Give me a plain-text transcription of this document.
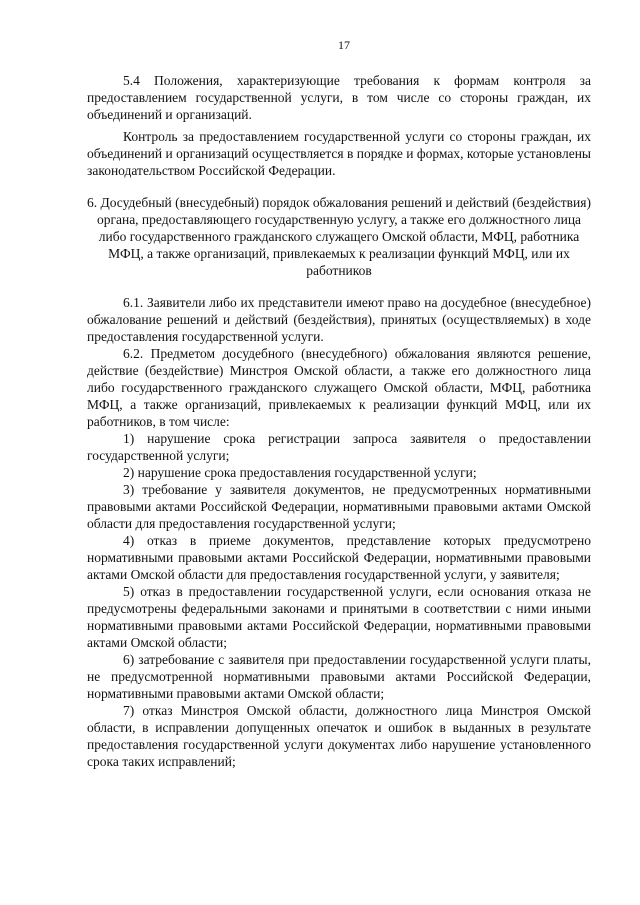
17

5.4 Положения, характеризующие требования к формам контроля за предоставлением государственной услуги, в том числе со стороны граждан, их объединений и организаций.

Контроль за предоставлением государственной услуги со стороны граждан, их объединений и организаций осуществляется в порядке и формах, которые установлены законодательством Российской Федерации.

6. Досудебный (внесудебный) порядок обжалования решений и действий (бездействия) органа, предоставляющего государственную услугу, а также его должностного лица либо государственного гражданского служащего Омской области, МФЦ, работника МФЦ, а также организаций, привлекаемых к реализации функций МФЦ, или их работников

6.1. Заявители либо их представители имеют право на досудебное (внесудебное) обжалование решений и действий (бездействия), принятых (осуществляемых) в ходе предоставления государственной услуги.

6.2. Предметом досудебного (внесудебного) обжалования являются решение, действие (бездействие) Минстроя Омской области, а также его должностного лица либо государственного гражданского служащего Омской области, МФЦ, работника МФЦ, а также организаций, привлекаемых к реализации функций МФЦ, или их работников, в том числе:

1) нарушение срока регистрации запроса заявителя о предоставлении государственной услуги;

2) нарушение срока предоставления государственной услуги;

3) требование у заявителя документов, не предусмотренных нормативными правовыми актами Российской Федерации, нормативными правовыми актами Омской области для предоставления государственной услуги;

4) отказ в приеме документов, представление которых предусмотрено нормативными правовыми актами Российской Федерации, нормативными правовыми актами Омской области для предоставления государственной услуги, у заявителя;

5) отказ в предоставлении государственной услуги, если основания отказа не предусмотрены федеральными законами и принятыми в соответствии с ними иными нормативными правовыми актами Российской Федерации, нормативными правовыми актами Омской области;

6) затребование с заявителя при предоставлении государственной услуги платы, не предусмотренной нормативными правовыми актами Российской Федерации, нормативными правовыми актами Омской области;

7) отказ Минстроя Омской области, должностного лица Минстроя Омской области, в исправлении допущенных опечаток и ошибок в выданных в результате предоставления государственной услуги документах либо нарушение установленного срока таких исправлений;
